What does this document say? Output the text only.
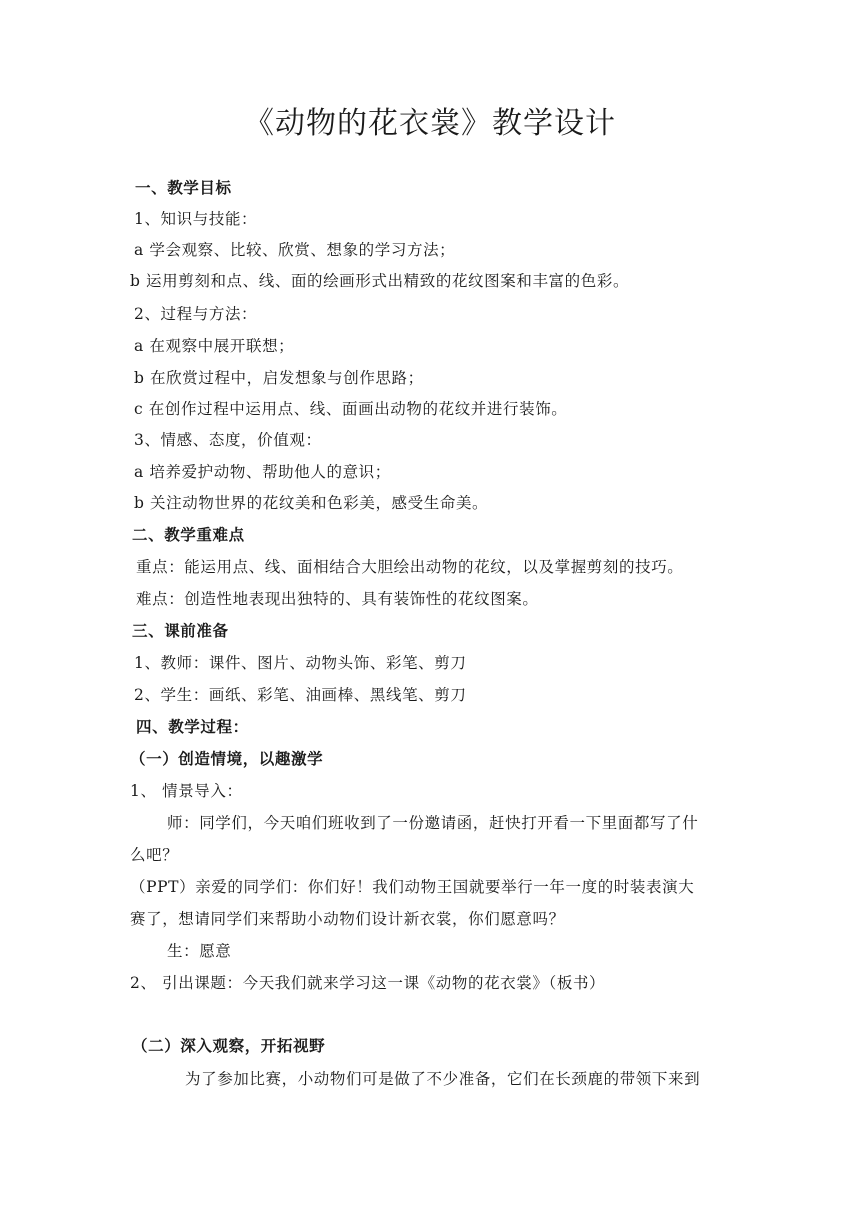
《动物的花衣裳》教学设计
一、教学目标
1、知识与技能：
a 学会观察、比较、欣赏、想象的学习方法；
b 运用剪刻和点、线、面的绘画形式出精致的花纹图案和丰富的色彩。
2、过程与方法：
a 在观察中展开联想；
b 在欣赏过程中，启发想象与创作思路；
c 在创作过程中运用点、线、面画出动物的花纹并进行装饰。
3、情感、态度，价值观：
a 培养爱护动物、帮助他人的意识；
b 关注动物世界的花纹美和色彩美，感受生命美。
二、教学重难点
重点：能运用点、线、面相结合大胆绘出动物的花纹，以及掌握剪刻的技巧。
难点：创造性地表现出独特的、具有装饰性的花纹图案。
三、课前准备
1、教师：课件、图片、动物头饰、彩笔、剪刀
2、学生：画纸、彩笔、油画棒、黑线笔、剪刀
四、教学过程：
（一）创造情境，以趣激学
1、 情景导入：
师：同学们，今天咱们班收到了一份邀请函，赶快打开看一下里面都写了什
么吧？
（PPT）亲爱的同学们：你们好！我们动物王国就要举行一年一度的时装表演大
赛了，想请同学们来帮助小动物们设计新衣裳，你们愿意吗？
生：愿意
2、 引出课题：今天我们就来学习这一课《动物的花衣裳》（板书）
（二）深入观察，开拓视野
为了参加比赛，小动物们可是做了不少准备，它们在长颈鹿的带领下来到
